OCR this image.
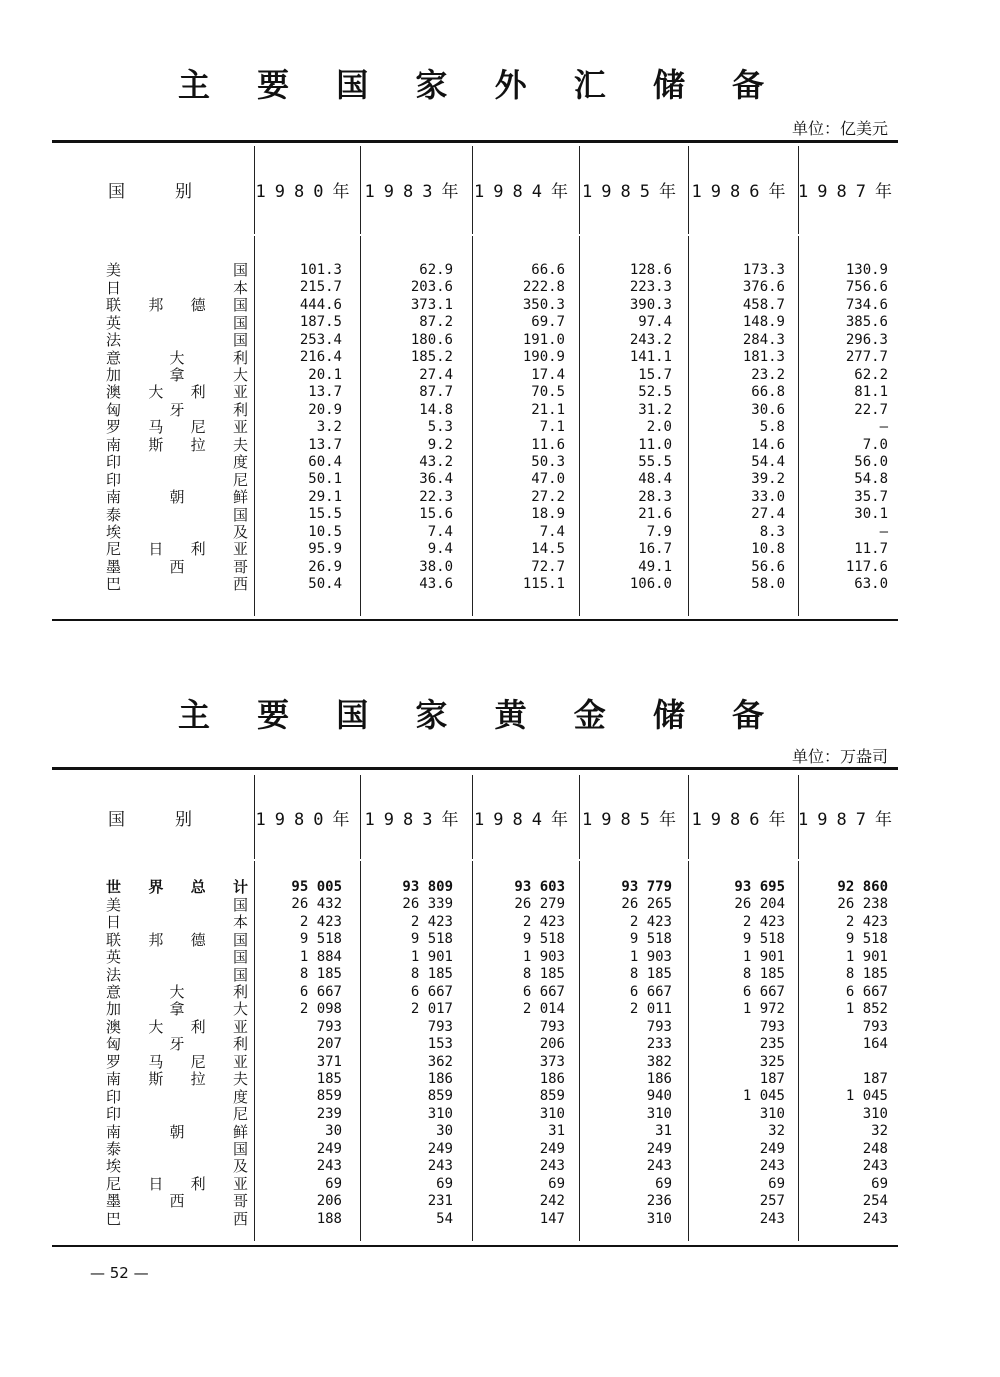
主 要 国 家 外 汇 储 备
单位：亿美元
国别 1980年 1983年 1984年 1985年 1986年 1987年
美	国	101.3	62.9	66.6	128.6	173.3	130.9
日	本	215.7	203.6	222.8	223.3	376.6	756.6
联 邦 德 国	444.6	373.1	350.3	390.3	458.7	734.6
英	国	187.5	87.2	69.7	97.4	148.9	385.6
法	国	253.4	180.6	191.0	243.2	284.3	296.3
意	大	利	216.4	185.2	190.9	141.1	181.3	277.7
加	拿	大	20.1	27.4	17.4	15.7	23.2	62.2
澳 大 利 亚	13.7	87.7	70.5	52.5	66.8	81.1
匈	牙	利	20.9	14.8	21.1	31.2	30.6	22.7
罗 马 尼 亚	3.2	5.3	7.1	2.0	5.8	—
南 斯 拉 夫	13.7	9.2	11.6	11.0	14.6	7.0
印	度	60.4	43.2	50.3	55.5	54.4	56.0
印	尼	50.1	36.4	47.0	48.4	39.2	54.8
南	朝	鲜	29.1	22.3	27.2	28.3	33.0	35.7
泰	国	15.5	15.6	18.9	21.6	27.4	30.1
埃	及	10.5	7.4	7.4	7.9	8.3	—
尼 日 利 亚	95.9	9.4	14.5	16.7	10.8	11.7
墨	西	哥	26.9	38.0	72.7	49.1	56.6	117.6
巴	西	50.4	43.6	115.1	106.0	58.0	63.0
主 要 国 家 黄 金 储 备
单位：万盎司
国别 1980年 1983年 1984年 1985年 1986年 1987年
世 界 总 计	95 005	93 809	93 603	93 779	93 695	92 860
美	国	26 432	26 339	26 279	26 265	26 204	26 238
日	本	2 423	2 423	2 423	2 423	2 423	2 423
联 邦 德 国	9 518	9 518	9 518	9 518	9 518	9 518
英	国	1 884	1 901	1 903	1 903	1 901	1 901
法	国	8 185	8 185	8 185	8 185	8 185	8 185
意	大	利	6 667	6 667	6 667	6 667	6 667	6 667
加	拿	大	2 098	2 017	2 014	2 011	1 972	1 852
澳 大 利 亚	793	793	793	793	793	793
匈	牙	利	207	153	206	233	235	164
罗 马 尼 亚	371	362	373	382	325
南 斯 拉 夫	185	186	186	186	187	187
印	度	859	859	859	940	1 045	1 045
印	尼	239	310	310	310	310	310
南	朝	鲜	30	30	31	31	32	32
泰	国	249	249	249	249	249	248
埃	及	243	243	243	243	243	243
尼 日 利 亚	69	69	69	69	69	69
墨	西	哥	206	231	242	236	257	254
巴	西	188	54	147	310	243	243
— 52 —
